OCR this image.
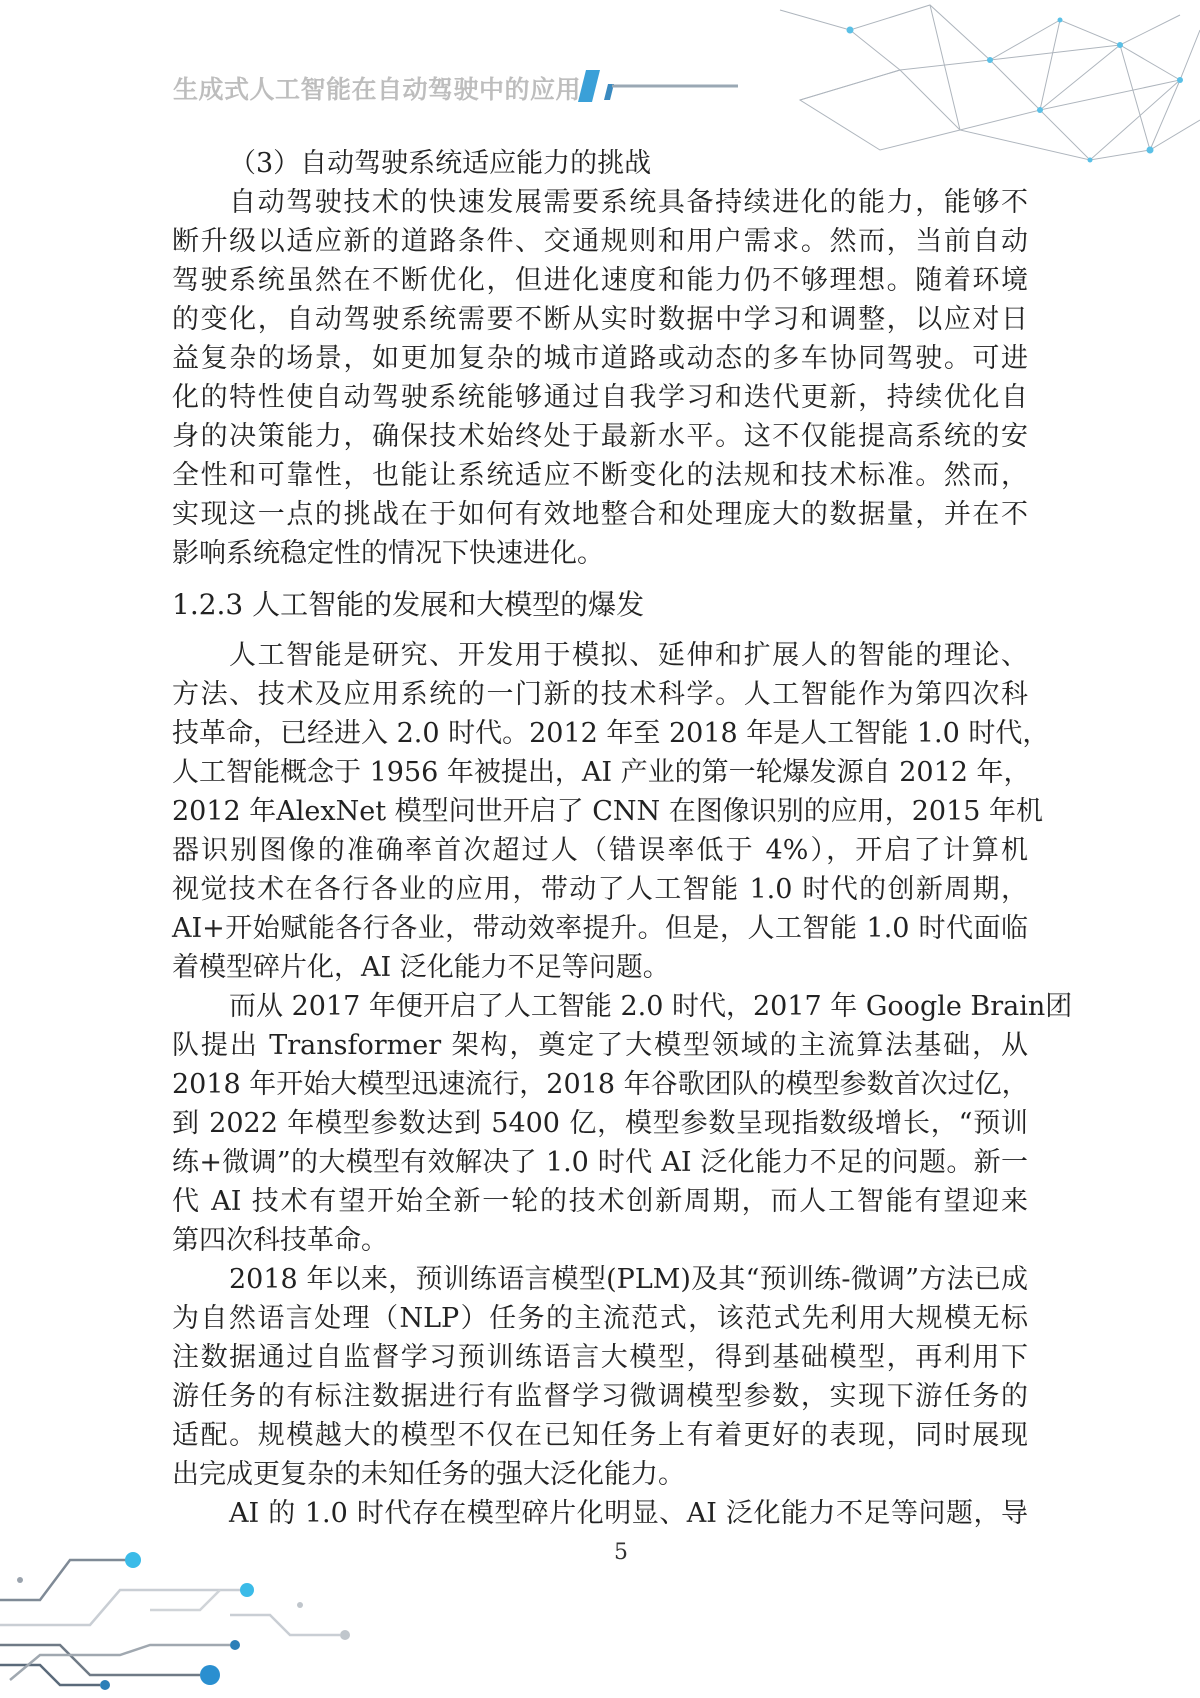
生成式人工智能在自动驾驶中的应用
（3）自动驾驶系统适应能力的挑战
自动驾驶技术的快速发展需要系统具备持续进化的能力，能够不
断升级以适应新的道路条件、交通规则和用户需求。然而，当前自动
驾驶系统虽然在不断优化，但进化速度和能力仍不够理想。随着环境
的变化，自动驾驶系统需要不断从实时数据中学习和调整，以应对日
益复杂的场景，如更加复杂的城市道路或动态的多车协同驾驶。可进
化的特性使自动驾驶系统能够通过自我学习和迭代更新，持续优化自
身的决策能力，确保技术始终处于最新水平。这不仅能提高系统的安
全性和可靠性，也能让系统适应不断变化的法规和技术标准。然而，
实现这一点的挑战在于如何有效地整合和处理庞大的数据量，并在不
影响系统稳定性的情况下快速进化。
1.2.3 人工智能的发展和大模型的爆发
人工智能是研究、开发用于模拟、延伸和扩展人的智能的理论、
方法、技术及应用系统的一门新的技术科学。人工智能作为第四次科
技革命，已经进入 2.0 时代。2012 年至 2018 年是人工智能 1.0 时代，
人工智能概念于 1956 年被提出，AI 产业的第一轮爆发源自 2012 年，
2012 年AlexNet 模型问世开启了 CNN 在图像识别的应用，2015 年机
器识别图像的准确率首次超过人（错误率低于 4%），开启了计算机
视觉技术在各行各业的应用，带动了人工智能 1.0 时代的创新周期，
AI+开始赋能各行各业，带动效率提升。但是，人工智能 1.0 时代面临
着模型碎片化，AI 泛化能力不足等问题。
而从 2017 年便开启了人工智能 2.0 时代，2017 年 Google Brain团
队提出 Transformer 架构，奠定了大模型领域的主流算法基础，从
2018 年开始大模型迅速流行，2018 年谷歌团队的模型参数首次过亿，
到 2022 年模型参数达到 5400 亿，模型参数呈现指数级增长，“预训
练+微调”的大模型有效解决了 1.0 时代 AI 泛化能力不足的问题。新一
代 AI 技术有望开始全新一轮的技术创新周期，而人工智能有望迎来
第四次科技革命。
2018 年以来，预训练语言模型(PLM)及其“预训练-微调”方法已成
为自然语言处理（NLP）任务的主流范式，该范式先利用大规模无标
注数据通过自监督学习预训练语言大模型，得到基础模型，再利用下
游任务的有标注数据进行有监督学习微调模型参数，实现下游任务的
适配。规模越大的模型不仅在已知任务上有着更好的表现，同时展现
出完成更复杂的未知任务的强大泛化能力。
AI 的 1.0 时代存在模型碎片化明显、AI 泛化能力不足等问题，导
5
